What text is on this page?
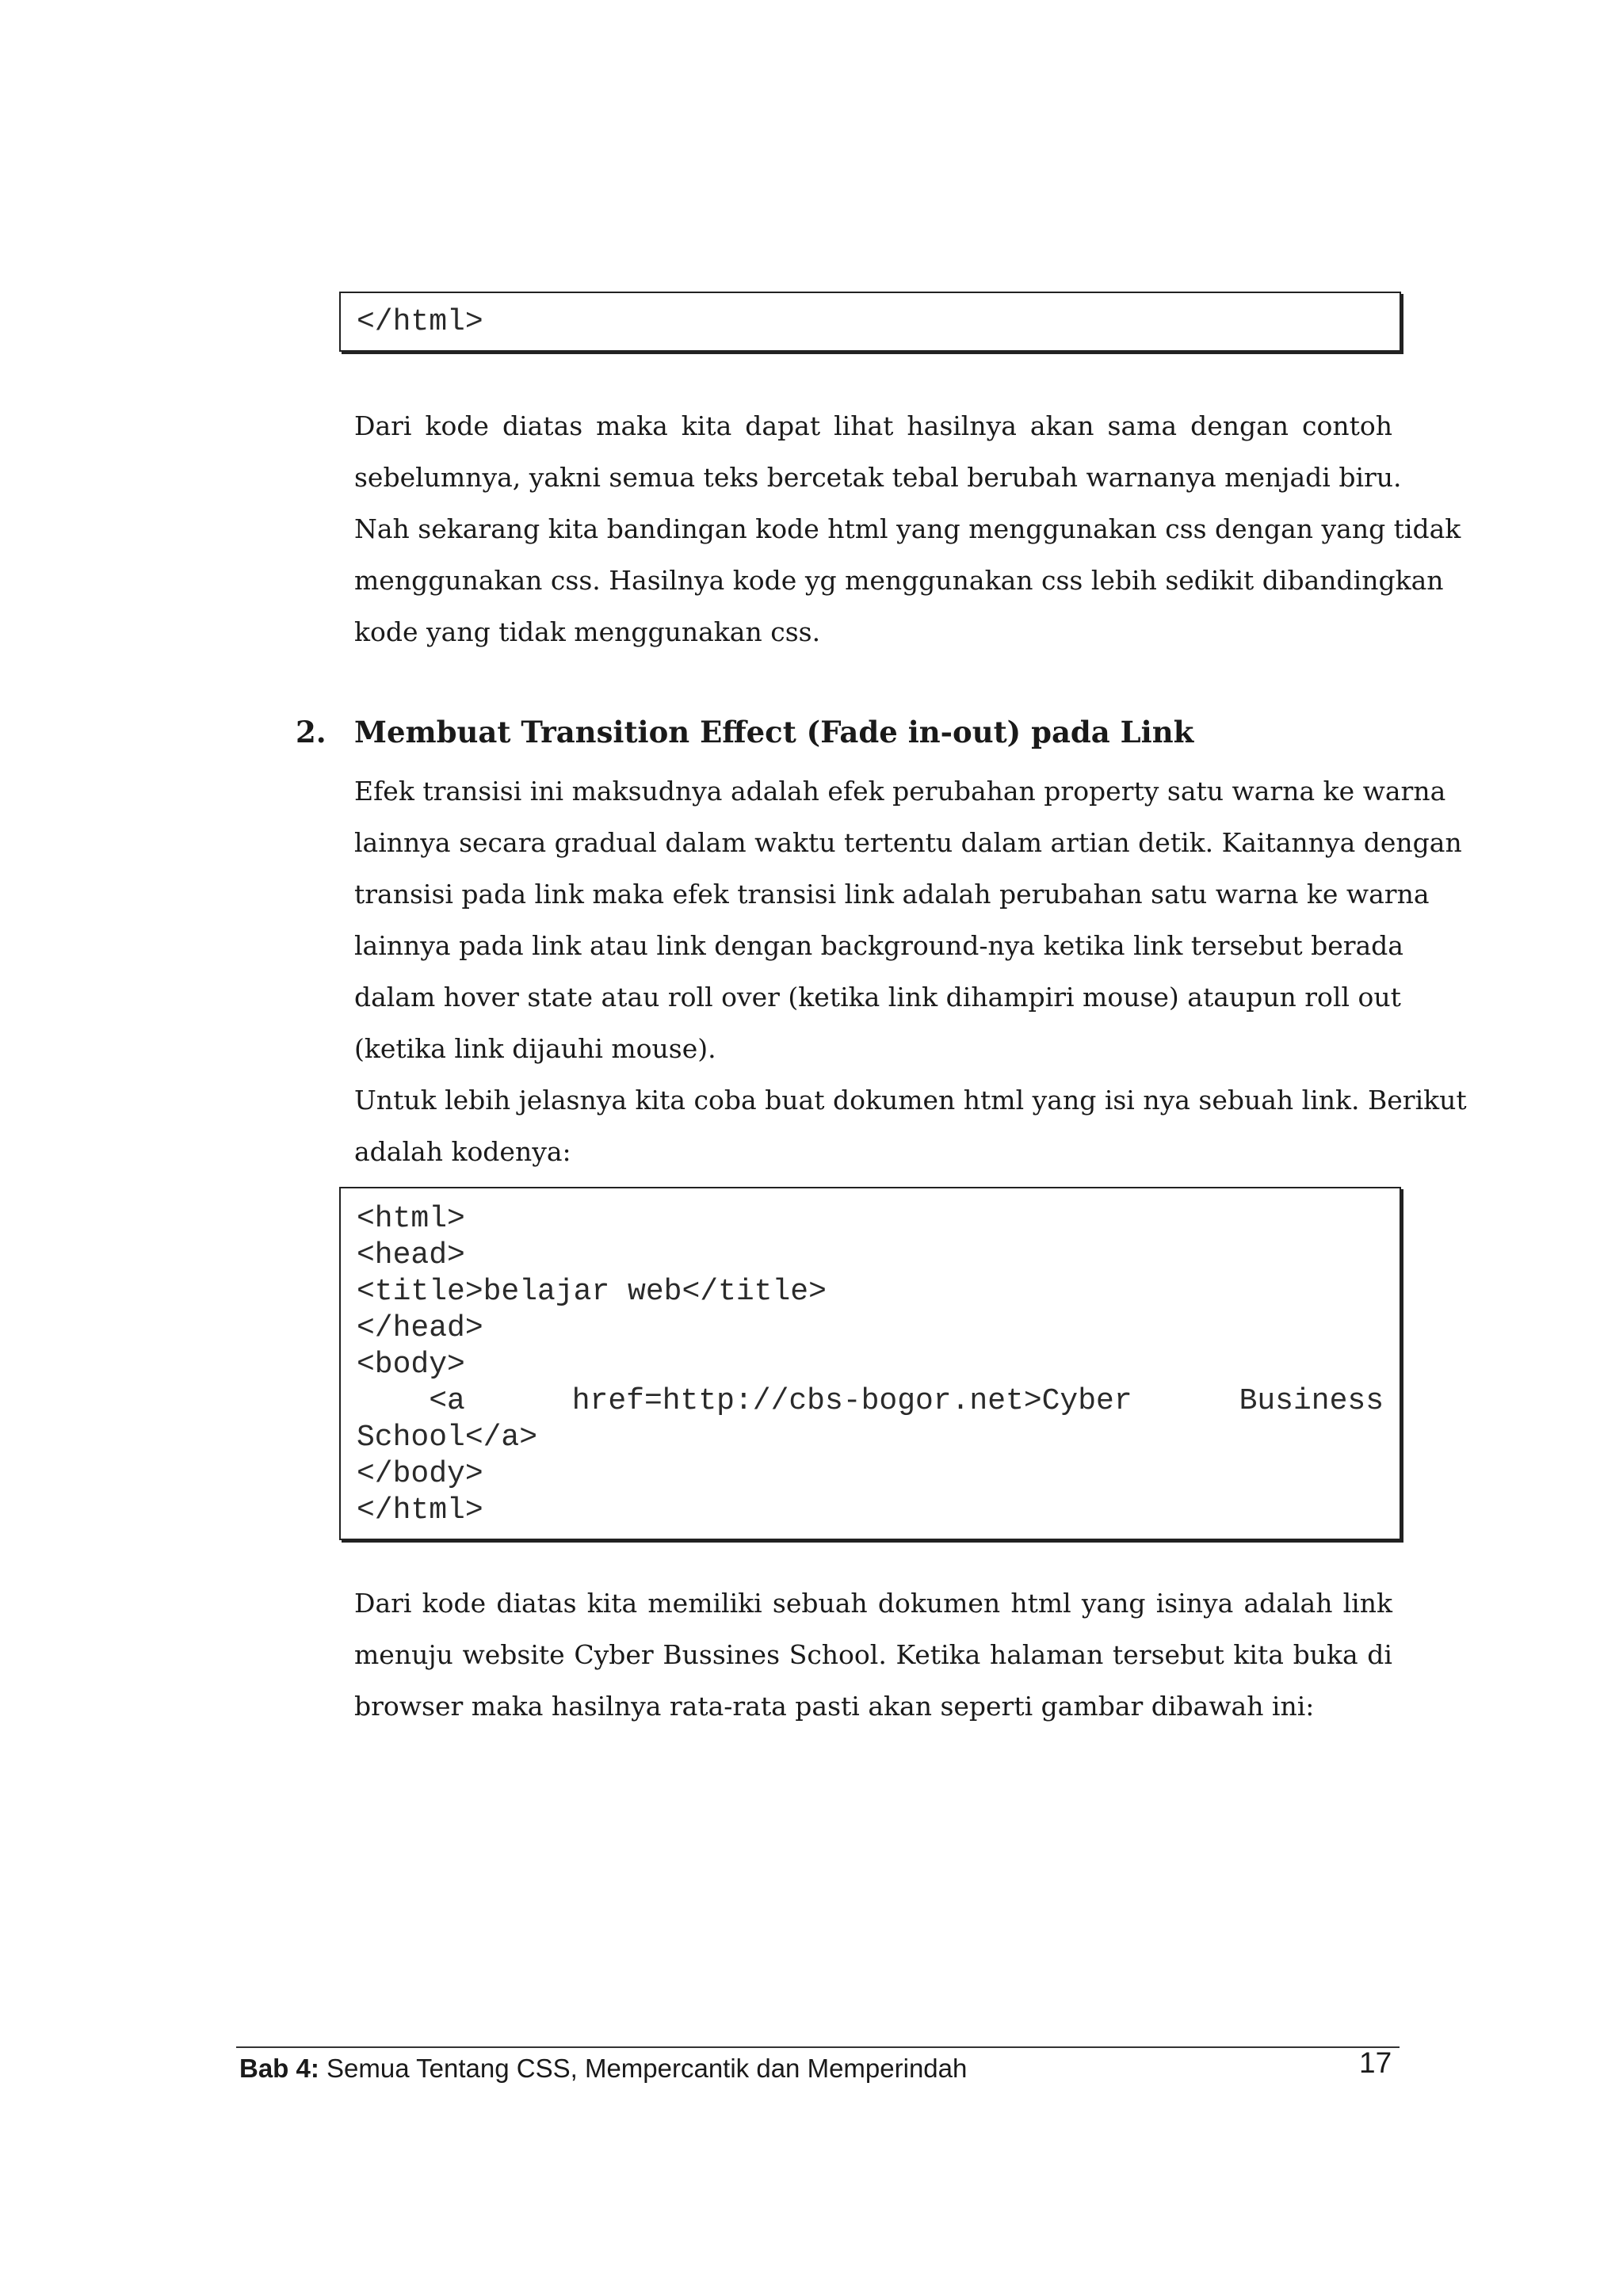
</html>

Dari kode diatas maka kita dapat lihat hasilnya akan sama dengan contoh
sebelumnya, yakni semua teks bercetak tebal berubah warnanya menjadi biru.

Nah sekarang kita bandingan kode html yang menggunakan css dengan yang tidak
menggunakan css. Hasilnya kode yg menggunakan css lebih sedikit dibandingkan
kode yang tidak menggunakan css.

2. Membuat Transition Effect (Fade in-out) pada Link

Efek transisi ini maksudnya adalah efek perubahan property satu warna ke warna
lainnya secara gradual dalam waktu tertentu dalam artian detik. Kaitannya dengan
transisi pada link maka efek transisi link adalah perubahan satu warna ke warna
lainnya pada link atau link dengan background-nya ketika link tersebut berada
dalam hover state atau roll over (ketika link dihampiri mouse) ataupun roll out
(ketika link dijauhi mouse).

Untuk lebih jelasnya kita coba buat dokumen html yang isi nya sebuah link. Berikut
adalah kodenya:

<html>
<head>
<title>belajar web</title>
</head>
<body>
<a	href=http://cbs-bogor.net>Cyber	Business
School</a>
</body>
</html>

Dari kode diatas kita memiliki sebuah dokumen html yang isinya adalah link
menuju website Cyber Bussines School. Ketika halaman tersebut kita buka di
browser maka hasilnya rata-rata pasti akan seperti gambar dibawah ini:

Bab 4: Semua Tentang CSS, Mempercantik dan Memperindah	17
